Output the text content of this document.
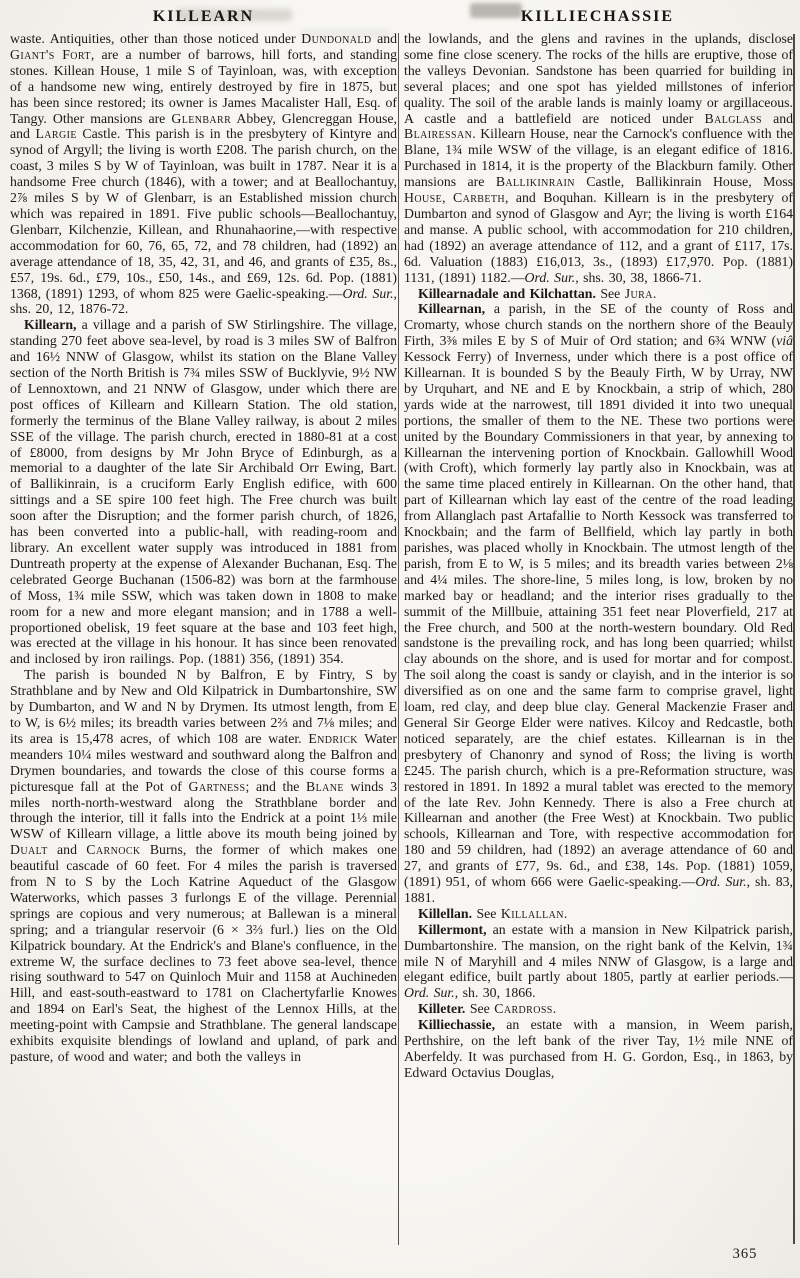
KILLEARN	KILLIECHASSIE

waste. Antiquities, other than those noticed under Dundonald and Giant's Fort, are a number of barrows, hill forts, and standing stones. Killean House, 1 mile S of Tayinloan, was, with exception of a handsome new wing, entirely destroyed by fire in 1875, but has been since restored; its owner is James Macalister Hall, Esq. of Tangy. Other mansions are Glenbarr Abbey, Glencreggan House, and Largie Castle. This parish is in the presbytery of Kintyre and synod of Argyll; the living is worth £208. The parish church, on the coast, 3 miles S by W of Tayinloan, was built in 1787. Near it is a handsome Free church (1846), with a tower; and at Beallochantuy, 2⅞ miles S by W of Glenbarr, is an Established mission church which was repaired in 1891. Five public schools—Beallochantuy, Glenbarr, Kilchenzie, Killean, and Rhunahaorine,—with respective accommodation for 60, 76, 65, 72, and 78 children, had (1892) an average attendance of 18, 35, 42, 31, and 46, and grants of £35, 8s., £57, 19s. 6d., £79, 10s., £50, 14s., and £69, 12s. 6d. Pop. (1881) 1368, (1891) 1293, of whom 825 were Gaelic-speaking.—Ord. Sur., shs. 20, 12, 1876-72.

Killearn, a village and a parish of SW Stirlingshire. The village, standing 270 feet above sea-level, by road is 3 miles SW of Balfron and 16½ NNW of Glasgow, whilst its station on the Blane Valley section of the North British is 7¾ miles SSW of Bucklyvie, 9½ NW of Lennoxtown, and 21 NNW of Glasgow, under which there are post offices of Killearn and Killearn Station. The old station, formerly the terminus of the Blane Valley railway, is about 2 miles SSE of the village. The parish church, erected in 1880-81 at a cost of £8000, from designs by Mr John Bryce of Edinburgh, as a memorial to a daughter of the late Sir Archibald Orr Ewing, Bart. of Ballikinrain, is a cruciform Early English edifice, with 600 sittings and a SE spire 100 feet high. The Free church was built soon after the Disruption; and the former parish church, of 1826, has been converted into a public-hall, with reading-room and library. An excellent water supply was introduced in 1881 from Duntreath property at the expense of Alexander Buchanan, Esq. The celebrated George Buchanan (1506-82) was born at the farmhouse of Moss, 1¾ mile SSW, which was taken down in 1808 to make room for a new and more elegant mansion; and in 1788 a well-proportioned obelisk, 19 feet square at the base and 103 feet high, was erected at the village in his honour. It has since been renovated and inclosed by iron railings. Pop. (1881) 356, (1891) 354.

The parish is bounded N by Balfron, E by Fintry, S by Strathblane and by New and Old Kilpatrick in Dumbartonshire, SW by Dumbarton, and W and N by Drymen. Its utmost length, from E to W, is 6½ miles; its breadth varies between 2⅔ and 7⅛ miles; and its area is 15,478 acres, of which 108 are water. Endrick Water meanders 10¼ miles westward and southward along the Balfron and Drymen boundaries, and towards the close of this course forms a picturesque fall at the Pot of Gartness; and the Blane winds 3 miles north-north-westward along the Strathblane border and through the interior, till it falls into the Endrick at a point 1⅓ mile WSW of Killearn village, a little above its mouth being joined by Dualt and Carnock Burns, the former of which makes one beautiful cascade of 60 feet. For 4 miles the parish is traversed from N to S by the Loch Katrine Aqueduct of the Glasgow Waterworks, which passes 3 furlongs E of the village. Perennial springs are copious and very numerous; at Ballewan is a mineral spring; and a triangular reservoir (6 × 3⅔ furl.) lies on the Old Kilpatrick boundary. At the Endrick's and Blane's confluence, in the extreme W, the surface declines to 73 feet above sea-level, thence rising southward to 547 on Quinloch Muir and 1158 at Auchineden Hill, and east-south-eastward to 1781 on Clachertyfarlie Knowes and 1894 on Earl's Seat, the highest of the Lennox Hills, at the meeting-point with Campsie and Strathblane. The general landscape exhibits exquisite blendings of lowland and upland, of park and pasture, of wood and water; and both the valleys in

the lowlands, and the glens and ravines in the uplands, disclose some fine close scenery. The rocks of the hills are eruptive, those of the valleys Devonian. Sandstone has been quarried for building in several places; and one spot has yielded millstones of inferior quality. The soil of the arable lands is mainly loamy or argillaceous. A castle and a battlefield are noticed under Balglass and Blairessan. Killearn House, near the Carnock's confluence with the Blane, 1¾ mile WSW of the village, is an elegant edifice of 1816. Purchased in 1814, it is the property of the Blackburn family. Other mansions are Ballikinrain Castle, Ballikinrain House, Moss House, Carbeth, and Boquhan. Killearn is in the presbytery of Dumbarton and synod of Glasgow and Ayr; the living is worth £164 and manse. A public school, with accommodation for 210 children, had (1892) an average attendance of 112, and a grant of £117, 17s. 6d. Valuation (1883) £16,013, 3s., (1893) £17,970. Pop. (1881) 1131, (1891) 1182.—Ord. Sur., shs. 30, 38, 1866-71.

Killearnadale and Kilchattan. See Jura.

Killearnan, a parish, in the SE of the county of Ross and Cromarty, whose church stands on the northern shore of the Beauly Firth, 3⅜ miles E by S of Muir of Ord station; and 6¾ WNW (viâ Kessock Ferry) of Inverness, under which there is a post office of Killearnan. It is bounded S by the Beauly Firth, W by Urray, NW by Urquhart, and NE and E by Knockbain, a strip of which, 280 yards wide at the narrowest, till 1891 divided it into two unequal portions, the smaller of them to the NE. These two portions were united by the Boundary Commissioners in that year, by annexing to Killearnan the intervening portion of Knockbain. Gallowhill Wood (with Croft), which formerly lay partly also in Knockbain, was at the same time placed entirely in Killearnan. On the other hand, that part of Killearnan which lay east of the centre of the road leading from Allanglach past Artafallie to North Kessock was transferred to Knockbain; and the farm of Bellfield, which lay partly in both parishes, was placed wholly in Knockbain. The utmost length of the parish, from E to W, is 5 miles; and its breadth varies between 2⅛ and 4¼ miles. The shore-line, 5 miles long, is low, broken by no marked bay or headland; and the interior rises gradually to the summit of the Millbuie, attaining 351 feet near Ploverfield, 217 at the Free church, and 500 at the north-western boundary. Old Red sandstone is the prevailing rock, and has long been quarried; whilst clay abounds on the shore, and is used for mortar and for compost. The soil along the coast is sandy or clayish, and in the interior is so diversified as on one and the same farm to comprise gravel, light loam, red clay, and deep blue clay. General Mackenzie Fraser and General Sir George Elder were natives. Kilcoy and Redcastle, both noticed separately, are the chief estates. Killearnan is in the presbytery of Chanonry and synod of Ross; the living is worth £245. The parish church, which is a pre-Reformation structure, was restored in 1891. In 1892 a mural tablet was erected to the memory of the late Rev. John Kennedy. There is also a Free church at Killearnan and another (the Free West) at Knockbain. Two public schools, Killearnan and Tore, with respective accommodation for 180 and 59 children, had (1892) an average attendance of 60 and 27, and grants of £77, 9s. 6d., and £38, 14s. Pop. (1881) 1059, (1891) 951, of whom 666 were Gaelic-speaking.—Ord. Sur., sh. 83, 1881.

Killellan. See Killallan.

Killermont, an estate with a mansion in New Kilpatrick parish, Dumbartonshire. The mansion, on the right bank of the Kelvin, 1¾ mile N of Maryhill and 4 miles NNW of Glasgow, is a large and elegant edifice, built partly about 1805, partly at earlier periods.—Ord. Sur., sh. 30, 1866.

Killeter. See Cardross.

Killiechassie, an estate with a mansion, in Weem parish, Perthshire, on the left bank of the river Tay, 1½ mile NNE of Aberfeldy. It was purchased from H. G. Gordon, Esq., in 1863, by Edward Octavius Douglas,

365
